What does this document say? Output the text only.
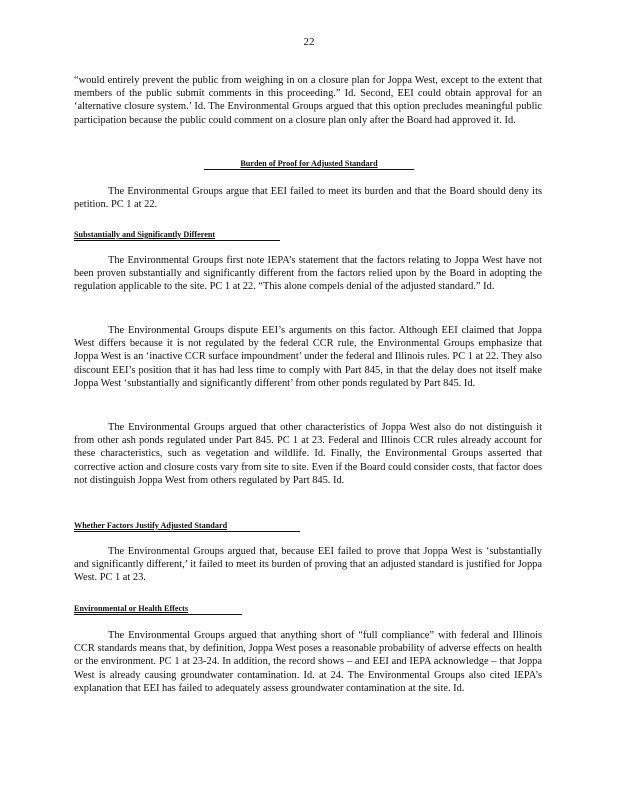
22

“would entirely prevent the public from weighing in on a closure plan for Joppa West, except to the extent that members of the public submit comments in this proceeding.” Id. Second, EEI could obtain approval for an ‘alternative closure system.’ Id. The Environmental Groups argued that this option precludes meaningful public participation because the public could comment on a closure plan only after the Board had approved it. Id.

Burden of Proof for Adjusted Standard

The Environmental Groups argue that EEI failed to meet its burden and that the Board should deny its petition. PC 1 at 22.

Substantially and Significantly Different

The Environmental Groups first note IEPA’s statement that the factors relating to Joppa West have not been proven substantially and significantly different from the factors relied upon by the Board in adopting the regulation applicable to the site. PC 1 at 22. “This alone compels denial of the adjusted standard.” Id.

The Environmental Groups dispute EEI’s arguments on this factor. Although EEI claimed that Joppa West differs because it is not regulated by the federal CCR rule, the Environmental Groups emphasize that Joppa West is an ‘inactive CCR surface impoundment’ under the federal and Illinois rules. PC 1 at 22. They also discount EEI’s position that it has had less time to comply with Part 845, in that the delay does not itself make Joppa West ‘substantially and significantly different’ from other ponds regulated by Part 845. Id.

The Environmental Groups argued that other characteristics of Joppa West also do not distinguish it from other ash ponds regulated under Part 845. PC 1 at 23. Federal and Illinois CCR rules already account for these characteristics, such as vegetation and wildlife. Id. Finally, the Environmental Groups asserted that corrective action and closure costs vary from site to site. Even if the Board could consider costs, that factor does not distinguish Joppa West from others regulated by Part 845. Id.

Whether Factors Justify Adjusted Standard

The Environmental Groups argued that, because EEI failed to prove that Joppa West is ‘substantially and significantly different,’ it failed to meet its burden of proving that an adjusted standard is justified for Joppa West. PC 1 at 23.

Environmental or Health Effects

The Environmental Groups argued that anything short of “full compliance” with federal and Illinois CCR standards means that, by definition, Joppa West poses a reasonable probability of adverse effects on health or the environment. PC 1 at 23-24. In addition, the record shows – and EEI and IEPA acknowledge – that Joppa West is already causing groundwater contamination. Id. at 24. The Environmental Groups also cited IEPA’s explanation that EEI has failed to adequately assess groundwater contamination at the site. Id.
